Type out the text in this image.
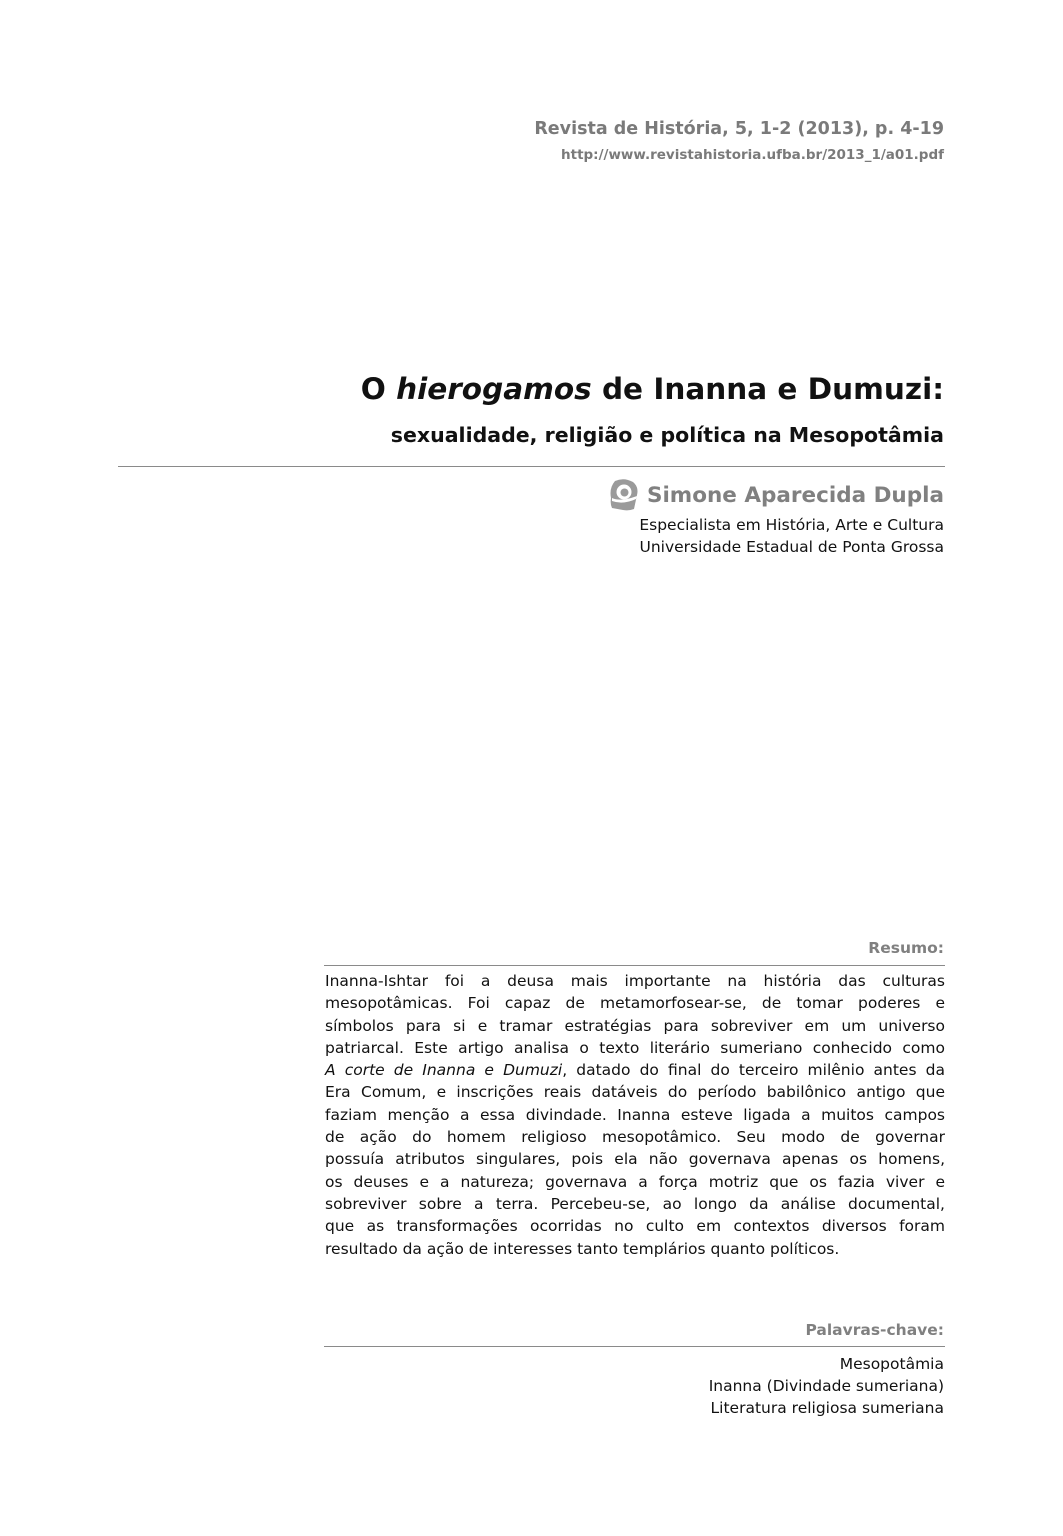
Revista de História, 5, 1-2 (2013), p. 4-19
http://www.revistahistoria.ufba.br/2013_1/a01.pdf
O hierogamos de Inanna e Dumuzi:
sexualidade, religião e política na Mesopotâmia
Simone Aparecida Dupla
Especialista em História, Arte e Cultura
Universidade Estadual de Ponta Grossa
Resumo:
Inanna-Ishtar foi a deusa mais importante na história das culturas
mesopotâmicas. Foi capaz de metamorfosear-se, de tomar poderes e
símbolos para si e tramar estratégias para sobreviver em um universo
patriarcal. Este artigo analisa o texto literário sumeriano conhecido como
A corte de Inanna e Dumuzi, datado do final do terceiro milênio antes da
Era Comum, e inscrições reais datáveis do período babilônico antigo que
faziam menção a essa divindade. Inanna esteve ligada a muitos campos
de ação do homem religioso mesopotâmico. Seu modo de governar
possuía atributos singulares, pois ela não governava apenas os homens,
os deuses e a natureza; governava a força motriz que os fazia viver e
sobreviver sobre a terra. Percebeu-se, ao longo da análise documental,
que as transformações ocorridas no culto em contextos diversos foram
resultado da ação de interesses tanto templários quanto políticos.
Palavras-chave:
Mesopotâmia
Inanna (Divindade sumeriana)
Literatura religiosa sumeriana
